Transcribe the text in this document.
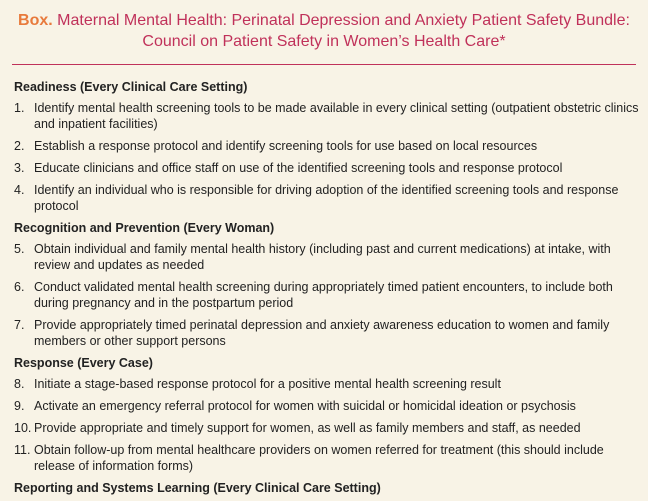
Box. Maternal Mental Health: Perinatal Depression and Anxiety Patient Safety Bundle:
Council on Patient Safety in Women’s Health Care*
Readiness (Every Clinical Care Setting)
1. Identify mental health screening tools to be made available in every clinical setting (outpatient obstetric clinics and inpatient facilities)
2. Establish a response protocol and identify screening tools for use based on local resources
3. Educate clinicians and office staff on use of the identified screening tools and response protocol
4. Identify an individual who is responsible for driving adoption of the identified screening tools and response protocol
Recognition and Prevention (Every Woman)
5. Obtain individual and family mental health history (including past and current medications) at intake, with review and updates as needed
6. Conduct validated mental health screening during appropriately timed patient encounters, to include both during pregnancy and in the postpartum period
7. Provide appropriately timed perinatal depression and anxiety awareness education to women and family members or other support persons
Response (Every Case)
8. Initiate a stage-based response protocol for a positive mental health screening result
9. Activate an emergency referral protocol for women with suicidal or homicidal ideation or psychosis
10. Provide appropriate and timely support for women, as well as family members and staff, as needed
11. Obtain follow-up from mental healthcare providers on women referred for treatment (this should include release of information forms)
Reporting and Systems Learning (Every Clinical Care Setting)
